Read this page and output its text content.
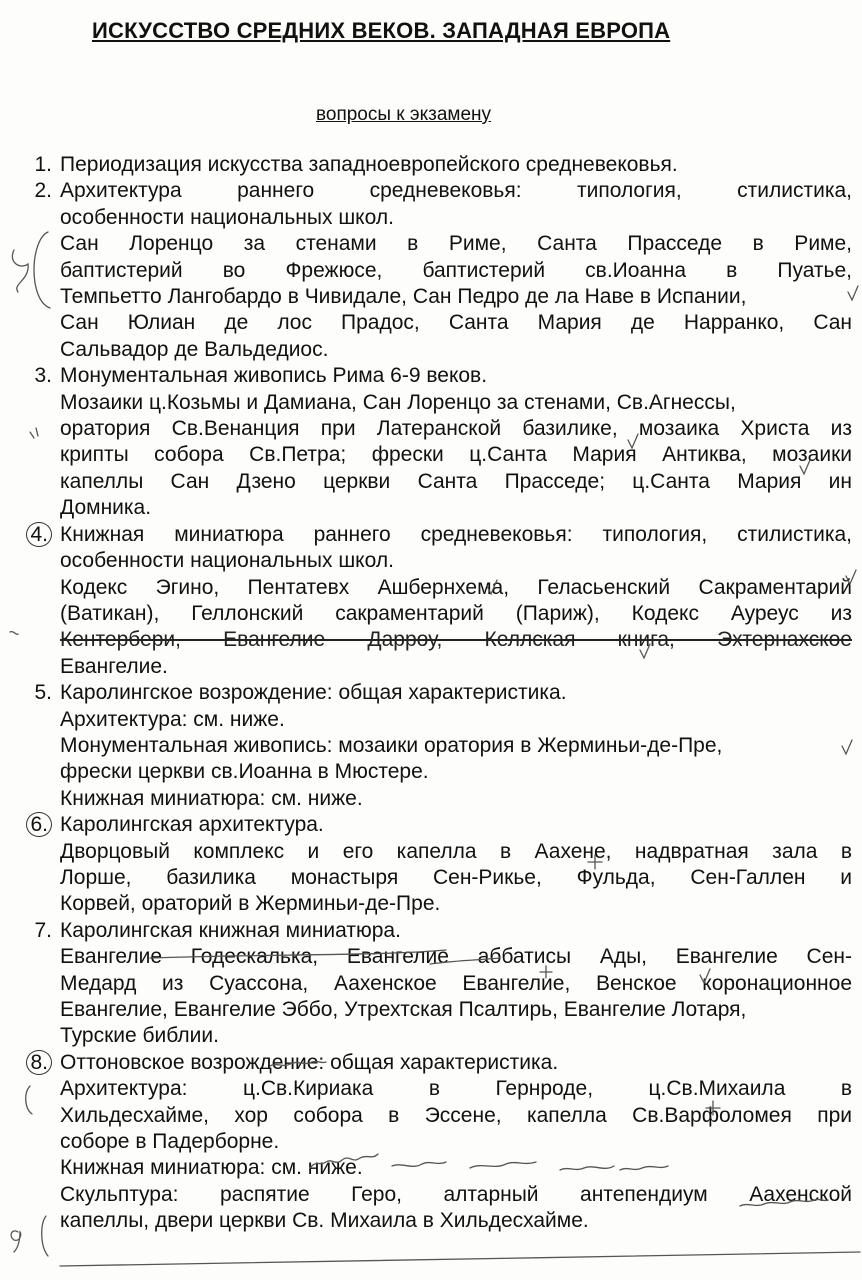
ИСКУССТВО СРЕДНИХ ВЕКОВ. ЗАПАДНАЯ ЕВРОПА
вопросы к экзамену
1. Периодизация искусства западноевропейского средневековья.
2. Архитектура раннего средневековья: типология, стилистика,
особенности национальных школ.
Сан Лоренцо за стенами в Риме, Санта Прасседе в Риме,
баптистерий во Фрежюсе, баптистерий св.Иоанна в Пуатье,
Темпьетто Лангобардо в Чивидале, Сан Педро де ла Наве в Испании,
Сан Юлиан де лос Прадос, Санта Мария де Нарранко, Сан
Сальвадор де Вальдедиос.
3. Монументальная живопись Рима 6-9 веков.
Мозаики ц.Козьмы и Дамиана, Сан Лоренцо за стенами, Св.Агнессы,
оратория Св.Венанция при Латеранской базилике, мозаика Христа из
крипты собора Св.Петра; фрески ц.Санта Мария Антиква, мозаики
капеллы Сан Дзено церкви Санта Прасседе; ц.Санта Мария ин
Домника.
4. Книжная миниатюра раннего средневековья: типология, стилистика,
особенности национальных школ.
Кодекс Эгино, Пентатевх Ашбернхема, Геласьенский Сакраментарий
(Ватикан), Геллонский сакраментарий (Париж), Кодекс Ауреус из
Кентербери, Евангелие Дарроу, Келлская книга, Эхтернахское
Евангелие.
5. Каролингское возрождение: общая характеристика.
Архитектура: см. ниже.
Монументальная живопись: мозаики оратория в Жерминьи-де-Пре,
фрески церкви св.Иоанна в Мюстере.
Книжная миниатюра: см. ниже.
6. Каролингская архитектура.
Дворцовый комплекс и его капелла в Аахене, надвратная зала в
Лорше, базилика монастыря Сен-Рикье, Фульда, Сен-Галлен и
Корвей, ораторий в Жерминьи-де-Пре.
7. Каролингская книжная миниатюра.
Евангелие Годескалька, Евангелие аббатисы Ады, Евангелие Сен-
Медард из Суассона, Аахенское Евангелие, Венское коронационное
Евангелие, Евангелие Эббо, Утрехтская Псалтирь, Евангелие Лотаря,
Турские библии.
8. Оттоновское возрождение: общая характеристика.
Архитектура: ц.Св.Кириака в Гернроде, ц.Св.Михаила в
Хильдесхайме, хор собора в Эссене, капелла Св.Варфоломея при
соборе в Падерборне.
Книжная миниатюра: см. ниже.
Скульптура: распятие Геро, алтарный антепендиум Аахенской
капеллы, двери церкви Св. Михаила в Хильдесхайме.
